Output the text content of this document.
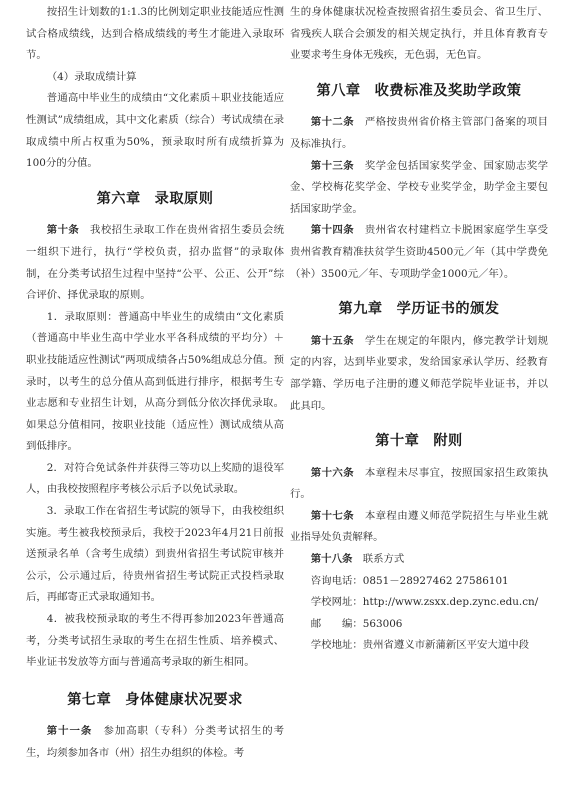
按招生计划数的1:1.3的比例划定职业技能适应性测试合格成绩线，达到合格成绩线的考生才能进入录取环节。

（4）录取成绩计算

普通高中毕业生的成绩由“文化素质＋职业技能适应性测试”成绩组成，其中文化素质（综合）考试成绩在录取成绩中所占权重为50%，预录取时所有成绩折算为100分的分值。

第六章 录取原则

第十条　 我校招生录取工作在贵州省招生委员会统一组织下进行，执行“学校负责，招办监督”的录取体制，在分类考试招生过程中坚持“公平、公正、公开”综合评价、择优录取的原则。

1．录取原则：普通高中毕业生的成绩由“文化素质（普通高中毕业生高中学业水平各科成绩的平均分）＋职业技能适应性测试”两项成绩各占50%组成总分值。预录时，以考生的总分值从高到低进行排序，根据考生专业志愿和专业招生计划，从高分到低分依次择优录取。如果总分值相同，按职业技能（适应性）测试成绩从高到低排序。

2．对符合免试条件并获得三等功以上奖励的退役军人，由我校按照程序考核公示后予以免试录取。

3．录取工作在省招生考试院的领导下，由我校组织实施。考生被我校预录后，我校于2023年4月21日前报送预录名单（含考生成绩）到贵州省招生考试院审核并公示，公示通过后，待贵州省招生考试院正式投档录取后，再邮寄正式录取通知书。

4．被我校预录取的考生不得再参加2023年普通高考，分类考试招生录取的考生在招生性质、培养模式、毕业证书发放等方面与普通高考录取的新生相同。

第七章 身体健康状况要求

第十一条　 参加高职（专科）分类考试招生的考生，均须参加各市（州）招生办组织的体检。考

生的身体健康状况检查按照省招生委员会、省卫生厅、省残疾人联合会颁发的相关规定执行，并且体育教育专业要求考生身体无残疾，无色弱，无色盲。

第八章 收费标准及奖助学政策

第十二条　 严格按贵州省价格主管部门备案的项目及标准执行。

第十三条　 奖学金包括国家奖学金、国家励志奖学金、学校梅花奖学金、学校专业奖学金，助学金主要包括国家助学金。

第十四条　 贵州省农村建档立卡脱困家庭学生享受贵州省教育精准扶贫学生资助4500元／年（其中学费免（补）3500元／年、专项助学金1000元／年）。

第九章 学历证书的颁发

第十五条　 学生在规定的年限内，修完教学计划规定的内容，达到毕业要求，发给国家承认学历、经教育部学籍、学历电子注册的遵义师范学院毕业证书，并以此具印。

第十章 附则

第十六条　 本章程未尽事宜，按照国家招生政策执行。

第十七条　 本章程由遵义师范学院招生与毕业生就业指导处负责解释。

第十八条　 联系方式

咨询电话： 0851－28927462 27586101
学校网址： http://www.zsxx.dep.zync.edu.cn/
邮　　编： 563006
学校地址： 贵州省遵义市新蒲新区平安大道中段
